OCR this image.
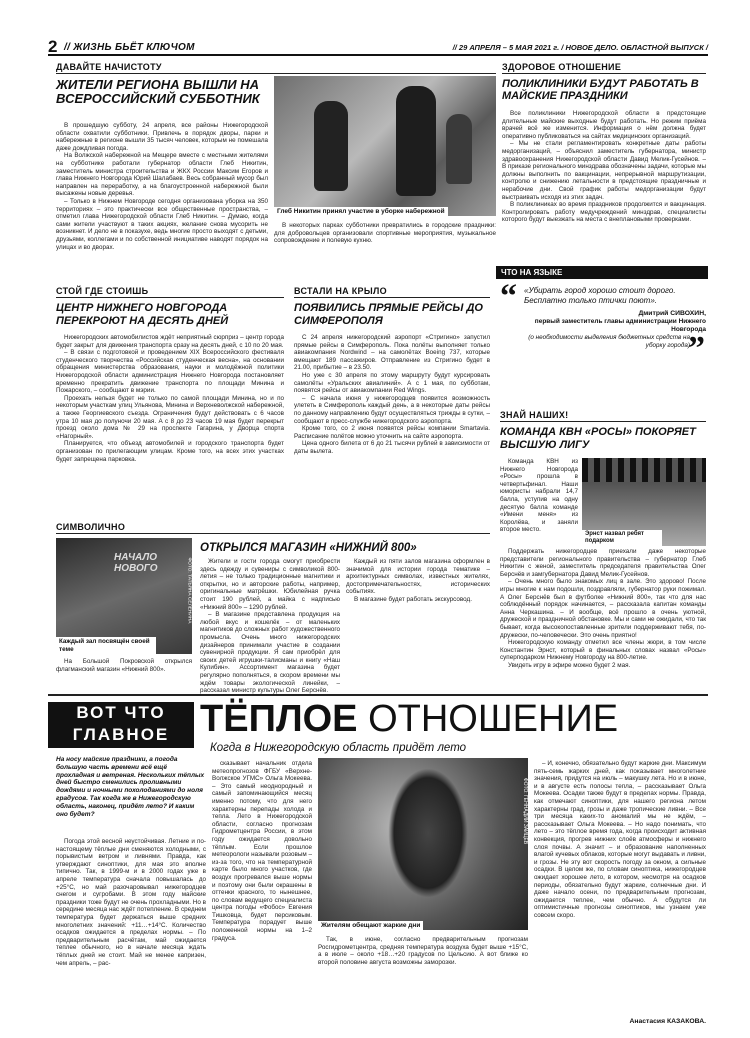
2 // ЖИЗНЬ БЬЁТ КЛЮЧОМ	// 29 АПРЕЛЯ – 5 МАЯ 2021 г. / НОВОЕ ДЕЛО. ОБЛАСТНОЙ ВЫПУСК /
ДАВАЙТЕ НАЧИСТОТУ
ЖИТЕЛИ РЕГИОНА ВЫШЛИ НА ВСЕРОССИЙСКИЙ СУББОТНИК
Глеб Никитин принял участие в уборке набережной
ФОТО: ЛИЗА ОЛОЖАНИНА

В прошедшую субботу, 24 апреля, все районы Нижегородской области охватили субботники. Привлечь в порядок дворы, парки и набережные в регионе вышли 35 тысяч человек, которым не помешала даже дождливая погода.

На Волжской набережной на Мещере вместе с местными жителями на субботнике работали губернатор области Глеб Никитин, заместитель министра строительства и ЖКХ России Максим Егоров и глава Нижнего Новгорода Юрий Шалабаев. Весь собранный мусор был направлен на переработку, а на благоустроенной набережной были высажены новые деревья.

– Только в Нижнем Новгороде сегодня организована уборка на 350 территориях – это практически все общественные пространства, – отметил глава Нижегородской области Глеб Никитин. – Думаю, когда сами жители участвуют в таких акциях, желание снова мусорить не возникнет. И дело не в показухе, ведь многие просто выходят с детьми, друзьями, коллегами и по собственной инициативе наводят порядок на улицах и во дворах.

В некоторых парках субботники превратились в городские праздники: для добровольцев организовали спортивные мероприятия, музыкальное сопровождение и полевую кухню.

ЗДОРОВОЕ ОТНОШЕНИЕ
ПОЛИКЛИНИКИ БУДУТ РАБОТАТЬ В МАЙСКИЕ ПРАЗДНИКИ

Все поликлиники Нижегородской области в предстоящие длительные майские выходные будут работать. Но режим приёма врачей всё же изменится. Информация о нём должна будет оперативно публиковаться на сайтах медицинских организаций.

– Мы не стали регламентировать конкретные даты работы медорганизаций, – объяснил заместитель губернатора, министр здравоохранения Нижегородской области Давид Мелик-Гусейнов. – В приказе регионального минздрава обозначены задачи, которые мы должны выполнить по вакцинации, непрерывной маршрутизации, контролю и снижению летальности в предстоящие праздничные и нерабочие дни. Свой график работы медорганизации будут выстраивать исходя из этих задач.

В поликлиниках во время праздников продолжится и вакцинация. Контролировать работу медучреждений минздрав, специалисты которого будут выезжать на места с внеплановыми проверками.

ЧТО НА ЯЗЫКЕ
“ «Убирать город хорошо стоит дорого. Бесплатно только птички поют».
Дмитрий СИВОХИН,
первый заместитель главы администрации Нижнего Новгорода
(о необходимости выделения бюджетных средств на уборку города)
”
СТОЙ ГДЕ СТОИШЬ
ЦЕНТР НИЖНЕГО НОВГОРОДА ПЕРЕКРОЮТ НА ДЕСЯТЬ ДНЕЙ

Нижегородских автомобилистов ждёт неприятный сюрприз – центр города будет закрыт для движения транспорта сразу на десять дней, с 10 по 20 мая.

– В связи с подготовкой и проведением XIX Всероссийского фестиваля студенческого творчества «Российская студенческая весна», на основании обращения министерства образования, науки и молодёжной политики Нижегородской области администрация Нижнего Новгорода постановляет временно прекратить движение транспорта по площади Минина и Пожарского, – сообщают в мэрии.

Проехать нельзя будет не только по самой площади Минина, но и по некоторым участкам улиц Ульянова, Минина и Верхневолжской набережной, а также Георгиевского съезда. Ограничения будут действовать с 6 часов утра 10 мая до полуночи 20 мая. А с 8 до 23 часов 19 мая будет перекрыт проезд около дома № 29 на проспекте Гагарина, у Дворца спорта «Нагорный».

Планируется, что объезд автомобилей и городского транспорта будет организован по прилегающим улицам. Кроме того, на всех этих участках будет запрещена парковка.

ВСТАЛИ НА КРЫЛО
ПОЯВИЛИСЬ ПРЯМЫЕ РЕЙСЫ ДО СИМФЕРОПОЛЯ

С 24 апреля нижегородский аэропорт «Стригино» запустил прямые рейсы в Симферополь. Пока полёты выполняет только авиакомпания Nordwind – на самолётах Boeing 737, которые вмещают 189 пассажиров. Отправление из Стригино будет в 21.00, прибытие – в 23.50.

Но уже с 30 апреля по этому маршруту будут курсировать самолёты «Уральских авиалиний». А с 1 мая, по субботам, появятся рейсы от авиакомпании Red Wings.

– С начала июня у нижегородцев появится возможность улететь в Симферополь каждый день, а в некоторые даты рейсы по данному направлению будут осуществляться трижды в сутки, – сообщают в пресс-службе нижегородского аэропорта.

Кроме того, со 2 июня появятся рейсы компании Smartavia. Расписание полётов можно уточнить на сайте аэропорта.

Цена одного билета от 6 до 21 тысячи рублей в зависимости от даты вылета.

ЗНАЙ НАШИХ!
КОМАНДА КВН «РОСЫ» ПОКОРЯЕТ ВЫСШУЮ ЛИГУ
Эрнст назвал ребят подарком

Команда КВН из Нижнего Новгорода «Росы» прошла в четвертьфинал. Наши юмористы набрали 14,7 балла, уступив на одну десятую балла команде «Имени меня» из Королёва, и заняли второе место.

Поддержать нижегородцев приехали даже некоторые представители регионального правительства – губернатор Глеб Никитин с женой, заместитель председателя правительства Олег Берснёв и замгубернатора Давид Мелик-Гусейнов.

– Очень много было знакомых лиц в зале. Это здорово! После игры многие к нам подошли, поздравляли, губернатор руки пожимал. А Олег Берснёв был в футболке «Нижний 800», так что для нас соблюдённый порядок начинается, – рассказала капитан команды Анна Черкашина. – И вообще, всё прошло в очень уютной, дружеской и праздничной обстановке. Мы и сами не ожидали, что так бывает, когда высокопоставленные зрители поддерживают тебя, по-дружески, по-человечески. Это очень приятно!

Нижегородскую команду отметил все члены жюри, в том числе Константин Эрнст, который в финальных словах назвал «Росы» суперподарком Нижнему Новгороду на 800-летие.

Увидеть игру в эфире можно будет 2 мая.

СИМВОЛИЧНО
НАЧАЛО НОВОГО	ФОТО: ТАТЬЯНА СЕЛЕНИНА
Каждый зал посвящён своей теме

На Большой Покровской открылся флагманский магазин «Нижний 800».

ОТКРЫЛСЯ МАГАЗИН «НИЖНИЙ 800»

Жители и гости города смогут приобрести здесь одежду и сувениры с символикой 800-летия – не только традиционные магнитики и открытки, но и авторские работы, например, оригинальные матрёшки. Юбилейная ручка стоит 190 рублей, а майка с надписью «Нижний 800» – 1290 рублей.

– В магазине представлена продукция на любой вкус и кошелёк – от маленьких магнитиков до сложных работ художественного промысла. Очень много нижегородских дизайнеров принимали участие в создании сувенирной продукции. Я сам приобрёл для своих детей игрушки-талисманы и книгу «Наш Кулибин». Ассортимент магазина будет регулярно пополняться, в скором времени мы ждём товары экологической линейки, – рассказал министр культуры Олег Берснёв.

Каждый из пяти залов магазина оформлен в значимой для истории города тематике – архитектурных символах, известных жителях, достопримечательностях, исторических событиях.

В магазине будет работать экскурсовод.

ВОТ ЧТО
ГЛАВНОЕ ТЁПЛОЕ ОТНОШЕНИЕ
Когда в Нижегородскую область придёт лето
На носу майские праздники, а погода большую часть времени всё ещё прохладная и ветреная. Нескольких тёплых дней быстро сменились проливными дождями и ночными похолоданиями до ноля градусов. Так когда же в Нижегородскую область, наконец, придёт лето? И каким оно будет?

Погода этой весной неустойчивая. Летние и по-настоящему тёплые дни сменяются холодными, с порывистым ветром и ливнями. Правда, как утверждают синоптики, для мая это вполне типично. Так, в 1999-м и в 2000 годах уже в апреле температура сначала повышалась до +25°С, но май разочаровывал нижегородцев снегом и сугробами. В этом году майские праздники тоже будут не очень прохладными. Но в середине месяца нас ждёт потепление. В среднем температура будет держаться выше средних многолетних значений: +11…+14°С. Количество осадков ожидается в пределах нормы. – По предварительным расчётам, май ожидается теплее обычного, но в начале месяца ждать тёплых дней не стоит. Май не менее капризен, чем апрель, – рас-

сказывает начальник отдела метеопрогнозов ФГБУ «Верхне-Волжское УГМС» Ольга Мокеева. – Это самый неоднородный и самый запоминающийся месяц именно потому, что для него характерны перепады холода и тепла. Лето в Нижегородской области, согласно прогнозам Гидрометцентра России, в этом году ожидается довольно тёплым. Если прошлое метеорологи называли розовым – из-за того, что на температурной карте было много участков, где воздух прогревался выше нормы и поэтому они были окрашены в оттенки красного, то нынешнее, по словам ведущего специалиста центра погоды «Фобос» Евгения Тишковца, будет персиковым. Температура порадует выше положенной нормы на 1–2 градуса.

ФОТО: ГЕННАДИЙ ЗАЙЦЕВ
Жителям обещают жаркие дни

Так, в июне, согласно предварительным прогнозам Росгидрометцентра, средняя температура воздуха будет выше +15°С, а в июле – около +18…+20 градусов по Цельсию. А вот ближе ко второй половине августа возможны заморозки.

– И, конечно, обязательно будут жаркие дни. Максимум пять-семь жарких дней, как показывает многолетние значения, придутся на июль – макушку лета. Но и в июне, и в августе есть полосы тепла, – рассказывает Ольга Мокеева. Осадки также будут в пределах нормы. Правда, как отмечают синоптики, для нашего региона летом характерны град, грозы и даже тропические ливни. – Все три месяца каких-то аномалий мы не ждём, – рассказывает Ольга Мокеева. – Но надо понимать, что лето – это тёплое время года, когда происходит активная конвекция, прогрев нижних слоёв атмосферы и нижнего слоя почвы. А значит – и образование наполненных влагой кучевых облаков, которые могут выдавать и ливни, и грозы. Не эту вот скорость погоду за окном, а сильные осадки. В целом же, по словам синоптика, нижегородцев ожидает хорошее лето, в котором, несмотря на осадков периоды, обязательно будут жаркие, солнечные дни. И даже начало осени, по предварительным прогнозам, ожидается теплее, чем обычно. А сбудутся ли оптимистичные прогнозы синоптиков, мы узнаем уже совсем скоро.

Анастасия КАЗАКОВА.
